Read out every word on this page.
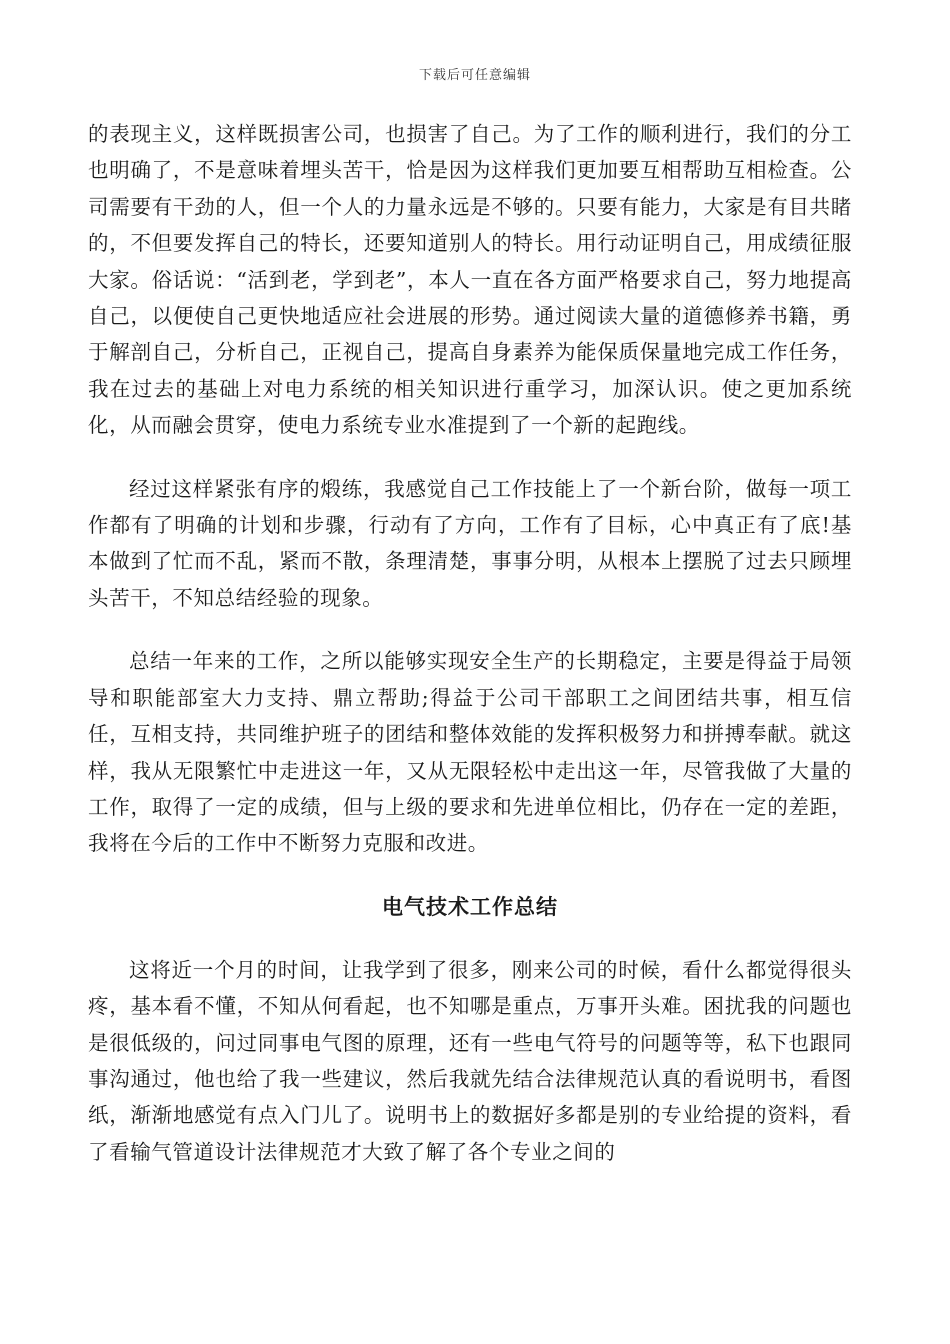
下载后可任意编辑

的表现主义，这样既损害公司，也损害了自己。为了工作的顺利进行，我们的分工也明确了，不是意味着埋头苦干，恰是因为这样我们更加要互相帮助互相检查。公司需要有干劲的人，但一个人的力量永远是不够的。只要有能力，大家是有目共睹的，不但要发挥自己的特长，还要知道别人的特长。用行动证明自己，用成绩征服大家。俗话说：“活到老，学到老”，本人一直在各方面严格要求自己，努力地提高自己，以便使自己更快地适应社会进展的形势。通过阅读大量的道德修养书籍，勇于解剖自己，分析自己，正视自己，提高自身素养为能保质保量地完成工作任务，我在过去的基础上对电力系统的相关知识进行重学习，加深认识。使之更加系统化，从而融会贯穿，使电力系统专业水准提到了一个新的起跑线。

经过这样紧张有序的煅练，我感觉自己工作技能上了一个新台阶，做每一项工作都有了明确的计划和步骤，行动有了方向，工作有了目标，心中真正有了底!基本做到了忙而不乱，紧而不散，条理清楚，事事分明，从根本上摆脱了过去只顾埋头苦干，不知总结经验的现象。

总结一年来的工作，之所以能够实现安全生产的长期稳定，主要是得益于局领导和职能部室大力支持、鼎立帮助;得益于公司干部职工之间团结共事，相互信任，互相支持，共同维护班子的团结和整体效能的发挥积极努力和拼搏奉献。就这样，我从无限繁忙中走进这一年，又从无限轻松中走出这一年，尽管我做了大量的工作，取得了一定的成绩，但与上级的要求和先进单位相比，仍存在一定的差距，我将在今后的工作中不断努力克服和改进。

电气技术工作总结

这将近一个月的时间，让我学到了很多，刚来公司的时候，看什么都觉得很头疼，基本看不懂，不知从何看起，也不知哪是重点，万事开头难。困扰我的问题也是很低级的，问过同事电气图的原理，还有一些电气符号的问题等等，私下也跟同事沟通过，他也给了我一些建议，然后我就先结合法律规范认真的看说明书，看图纸，渐渐地感觉有点入门儿了。说明书上的数据好多都是别的专业给提的资料，看了看输气管道设计法律规范才大致了解了各个专业之间的
